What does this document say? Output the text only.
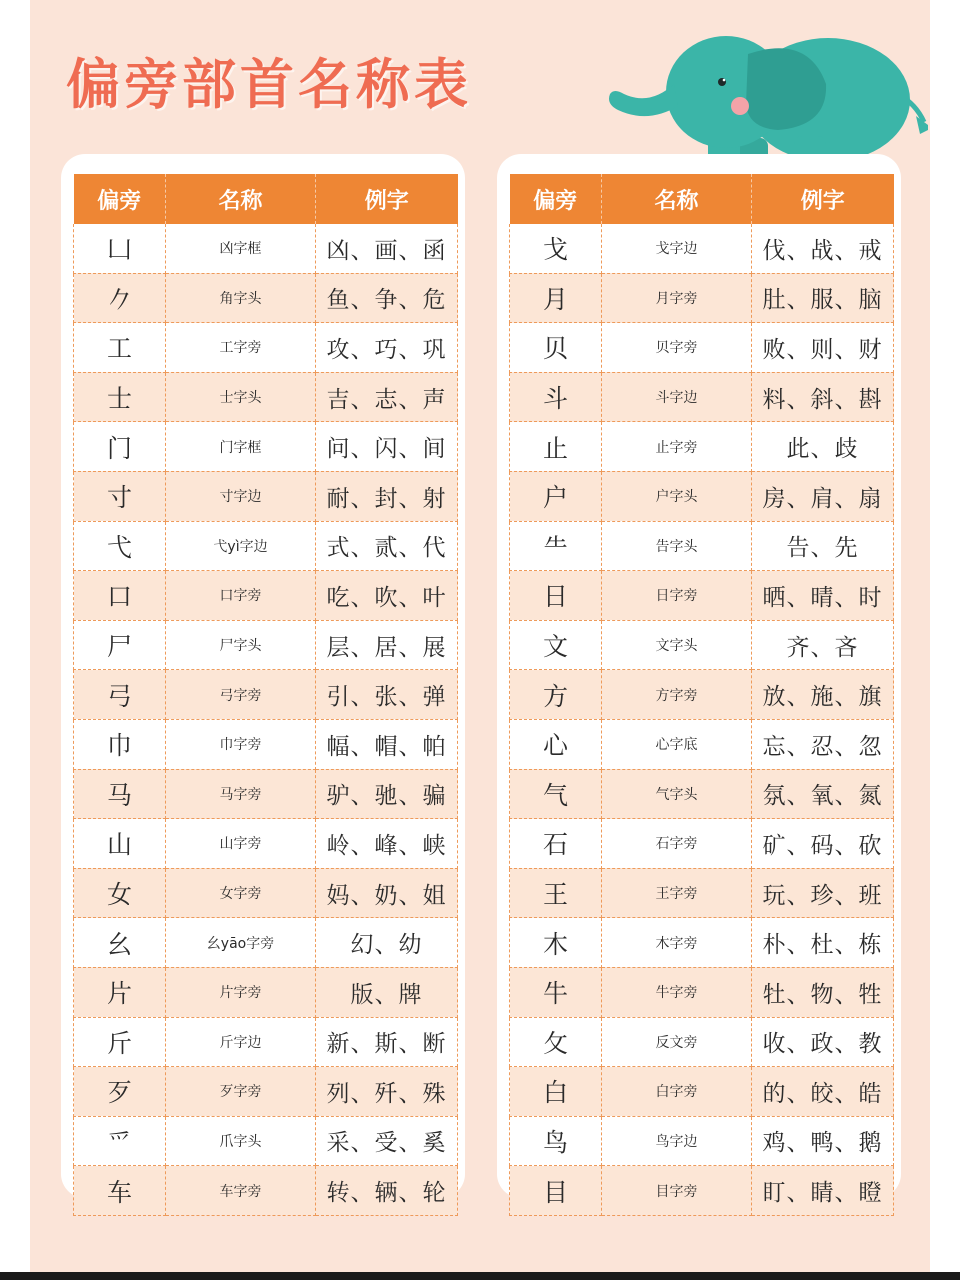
偏旁部首名称表
偏旁	名称	例字
凵	凶字框	凶、画、函
𠂊	角字头	鱼、争、危
工	工字旁	攻、巧、巩
士	士字头	吉、志、声
门	门字框	问、闪、间
寸	寸字边	耐、封、射
弋	弋yì字边	式、贰、代
口	口字旁	吃、吹、叶
尸	尸字头	层、居、展
弓	弓字旁	引、张、弹
巾	巾字旁	幅、帽、帕
马	马字旁	驴、驰、骗
山	山字旁	岭、峰、峡
女	女字旁	妈、奶、姐
幺	幺yāo字旁	幻、幼
片	片字旁	版、牌
斤	斤字边	新、斯、断
歹	歹字旁	列、歼、殊
爫	爪字头	采、受、奚
车	车字旁	转、辆、轮
偏旁	名称	例字
戈	戈字边	伐、战、戒
月	月字旁	肚、服、脑
贝	贝字旁	败、则、财
斗	斗字边	料、斜、斟
止	止字旁	此、歧
户	户字头	房、肩、扇
⺧	告字头	告、先
日	日字旁	晒、晴、时
文	文字头	齐、吝
方	方字旁	放、施、旗
心	心字底	忘、忍、忽
气	气字头	氛、氧、氮
石	石字旁	矿、码、砍
王	王字旁	玩、珍、班
木	木字旁	朴、杜、栋
牛	牛字旁	牡、物、牲
攵	反文旁	收、政、教
白	白字旁	的、皎、皓
鸟	鸟字边	鸡、鸭、鹅
目	目字旁	盯、睛、瞪
